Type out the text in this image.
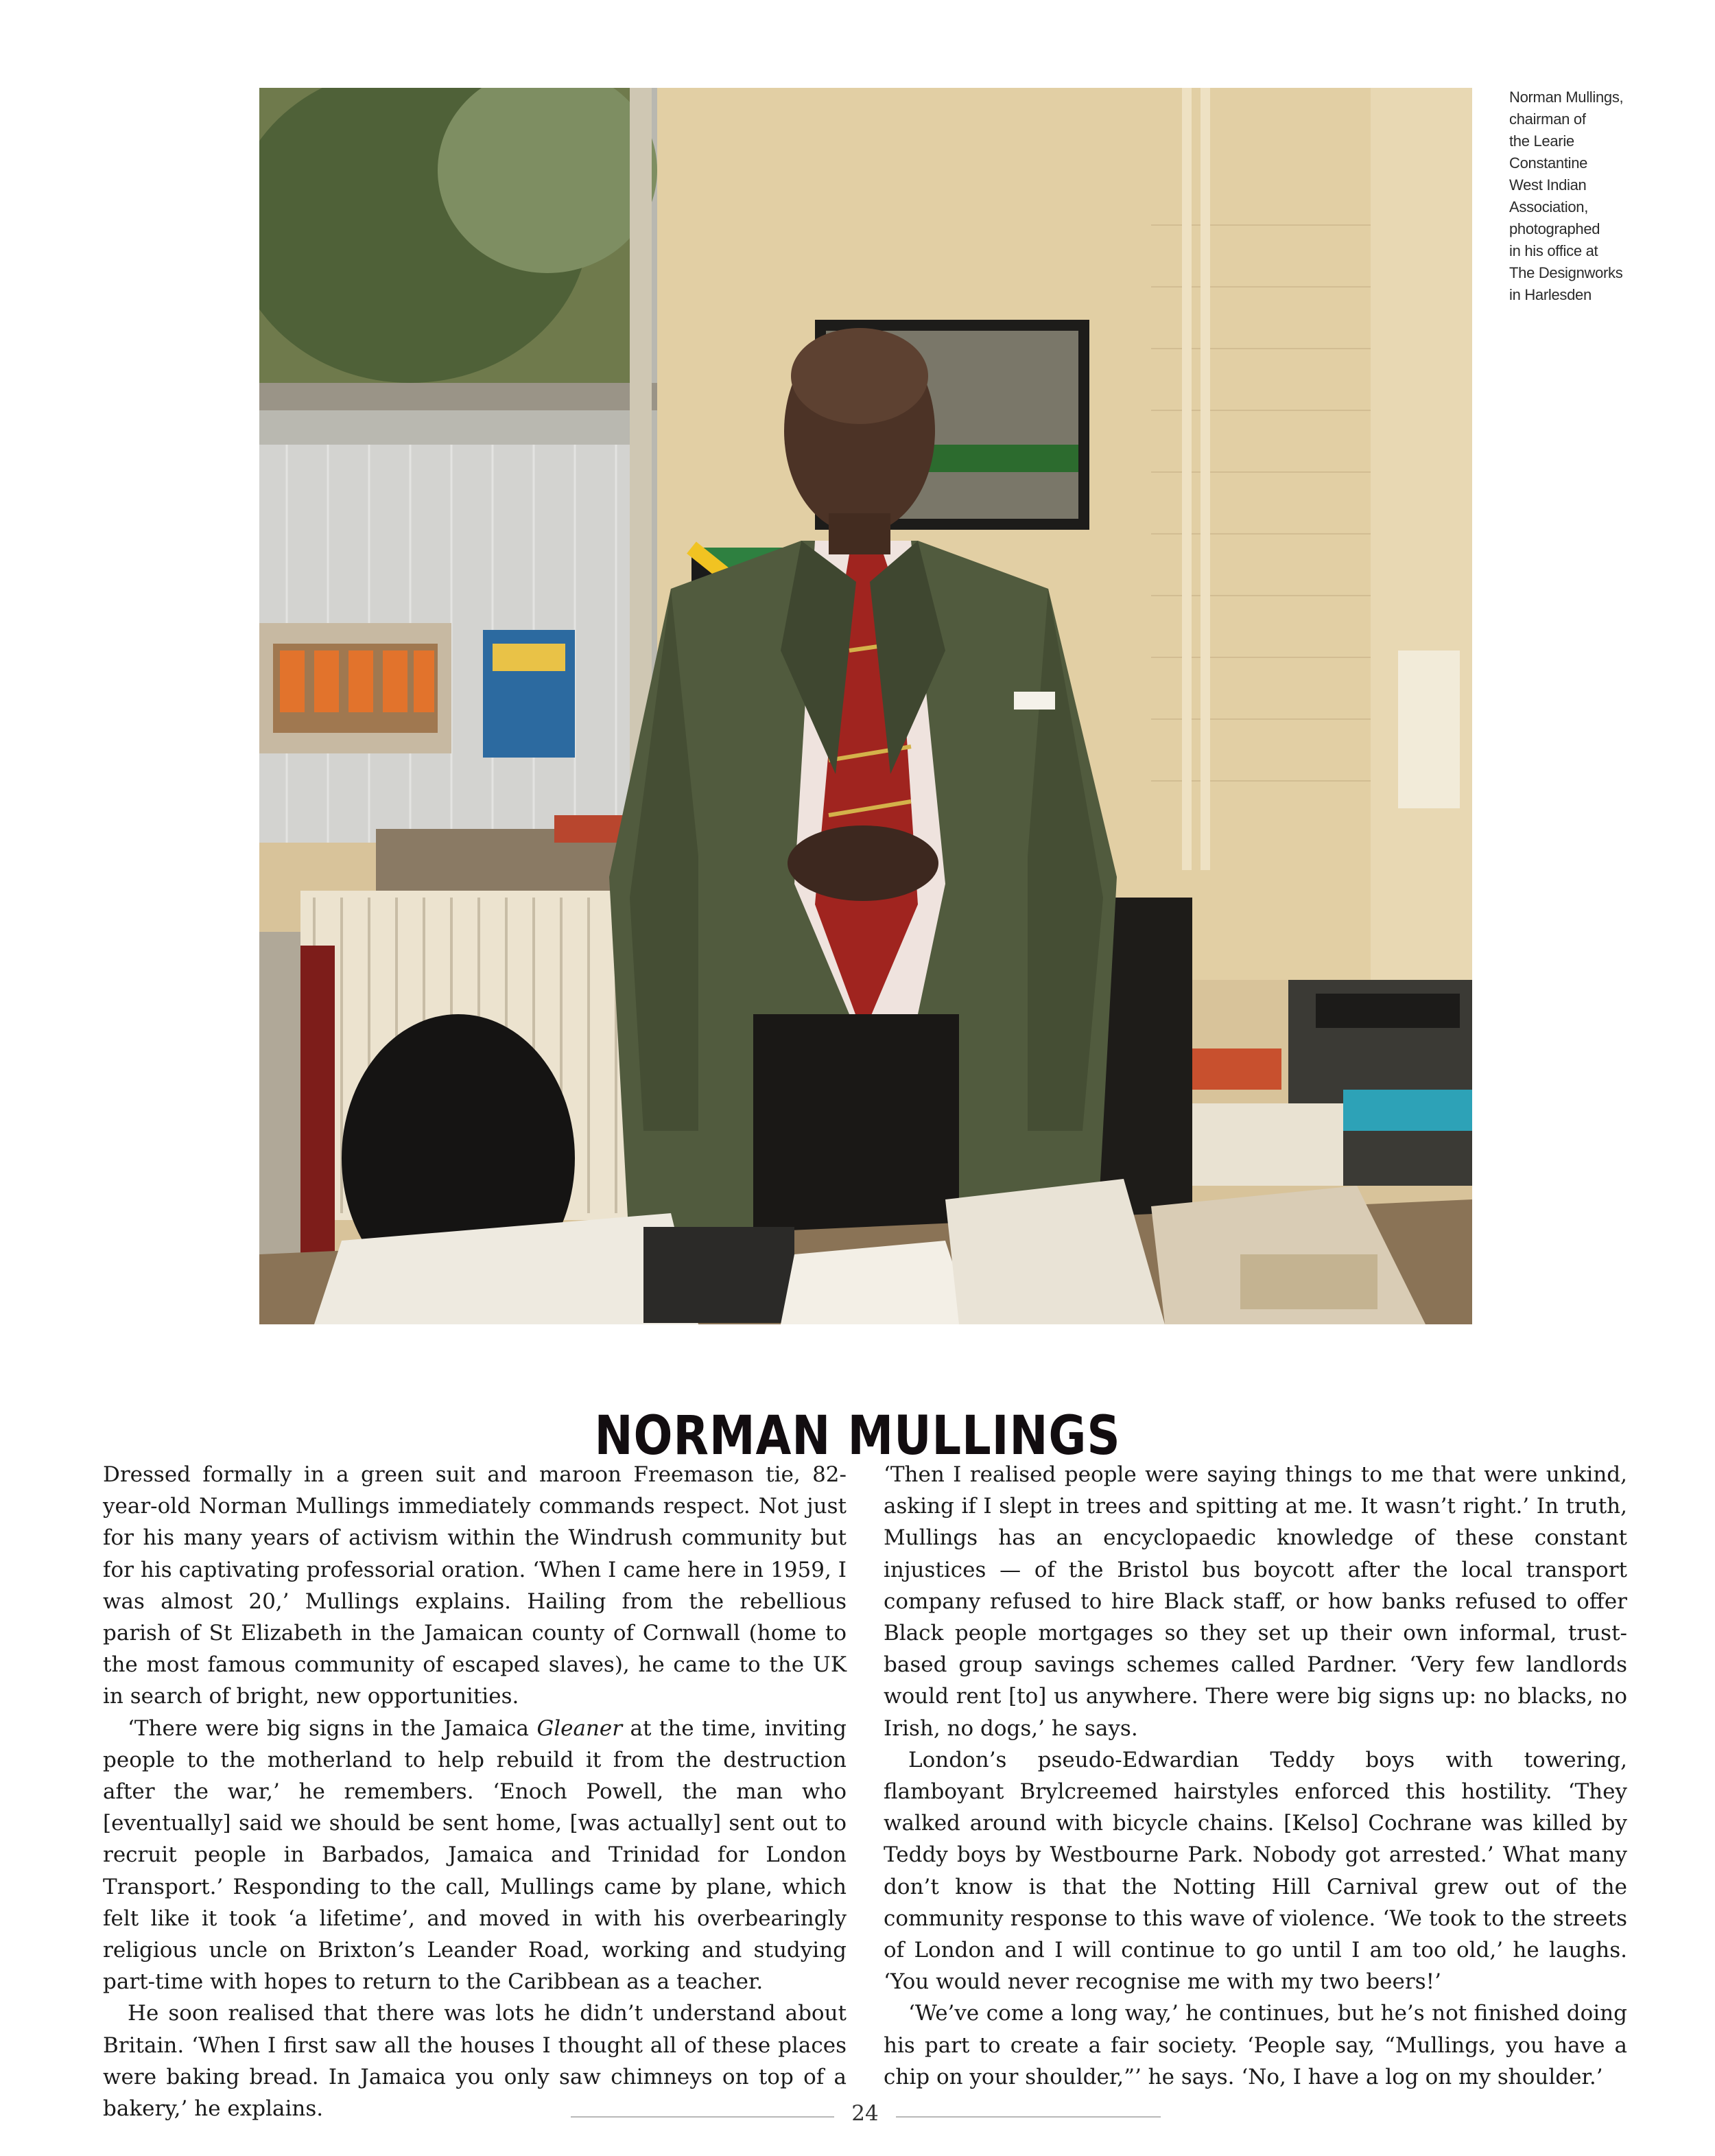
Norman Mullings,
chairman of
the Learie
Constantine
West Indian
Association,
photographed
in his office at
The Designworks
in Harlesden
NORMAN MULLINGS

Dressed formally in a green suit and maroon Freemason tie, 82-year-old Norman Mullings immediately commands respect. Not just for his many years of activism within the Windrush community but for his captivating professorial oration. ‘When I came here in 1959, I was almost 20,’ Mullings explains. Hailing from the rebellious parish of St Elizabeth in the Jamaican county of Cornwall (home to the most famous community of escaped slaves), he came to the UK in search of bright, new opportunities.

‘There were big signs in the Jamaica Gleaner at the time, inviting people to the motherland to help rebuild it from the destruction after the war,’ he remembers. ‘Enoch Powell, the man who [eventually] said we should be sent home, [was actually] sent out to recruit people in Barbados, Jamaica and Trinidad for London Transport.’ Responding to the call, Mullings came by plane, which felt like it took ‘a lifetime’, and moved in with his overbearingly religious uncle on Brixton’s Leander Road, working and studying part-time with hopes to return to the Caribbean as a teacher.

He soon realised that there was lots he didn’t understand about Britain. ‘When I first saw all the houses I thought all of these places were baking bread. In Jamaica you only saw chimneys on top of a bakery,’ he explains.

‘Then I realised people were saying things to me that were unkind, asking if I slept in trees and spitting at me. It wasn’t right.’ In truth, Mullings has an encyclopaedic knowledge of these constant injustices — of the Bristol bus boycott after the local transport company refused to hire Black staff, or how banks refused to offer Black people mortgages so they set up their own informal, trust-based group savings schemes called Pardner. ‘Very few landlords would rent [to] us anywhere. There were big signs up: no blacks, no Irish, no dogs,’ he says.

London’s pseudo-Edwardian Teddy boys with towering, flamboyant Brylcreemed hairstyles enforced this hostility. ‘They walked around with bicycle chains. [Kelso] Cochrane was killed by Teddy boys by Westbourne Park. Nobody got arrested.’ What many don’t know is that the Notting Hill Carnival grew out of the community response to this wave of violence. ‘We took to the streets of London and I will continue to go until I am too old,’ he laughs. ‘You would never recognise me with my two beers!’

‘We’ve come a long way,’ he continues, but he’s not finished doing his part to create a fair society. ‘People say, “Mullings, you have a chip on your shoulder,”’ he says. ‘No, I have a log on my shoulder.’

24
